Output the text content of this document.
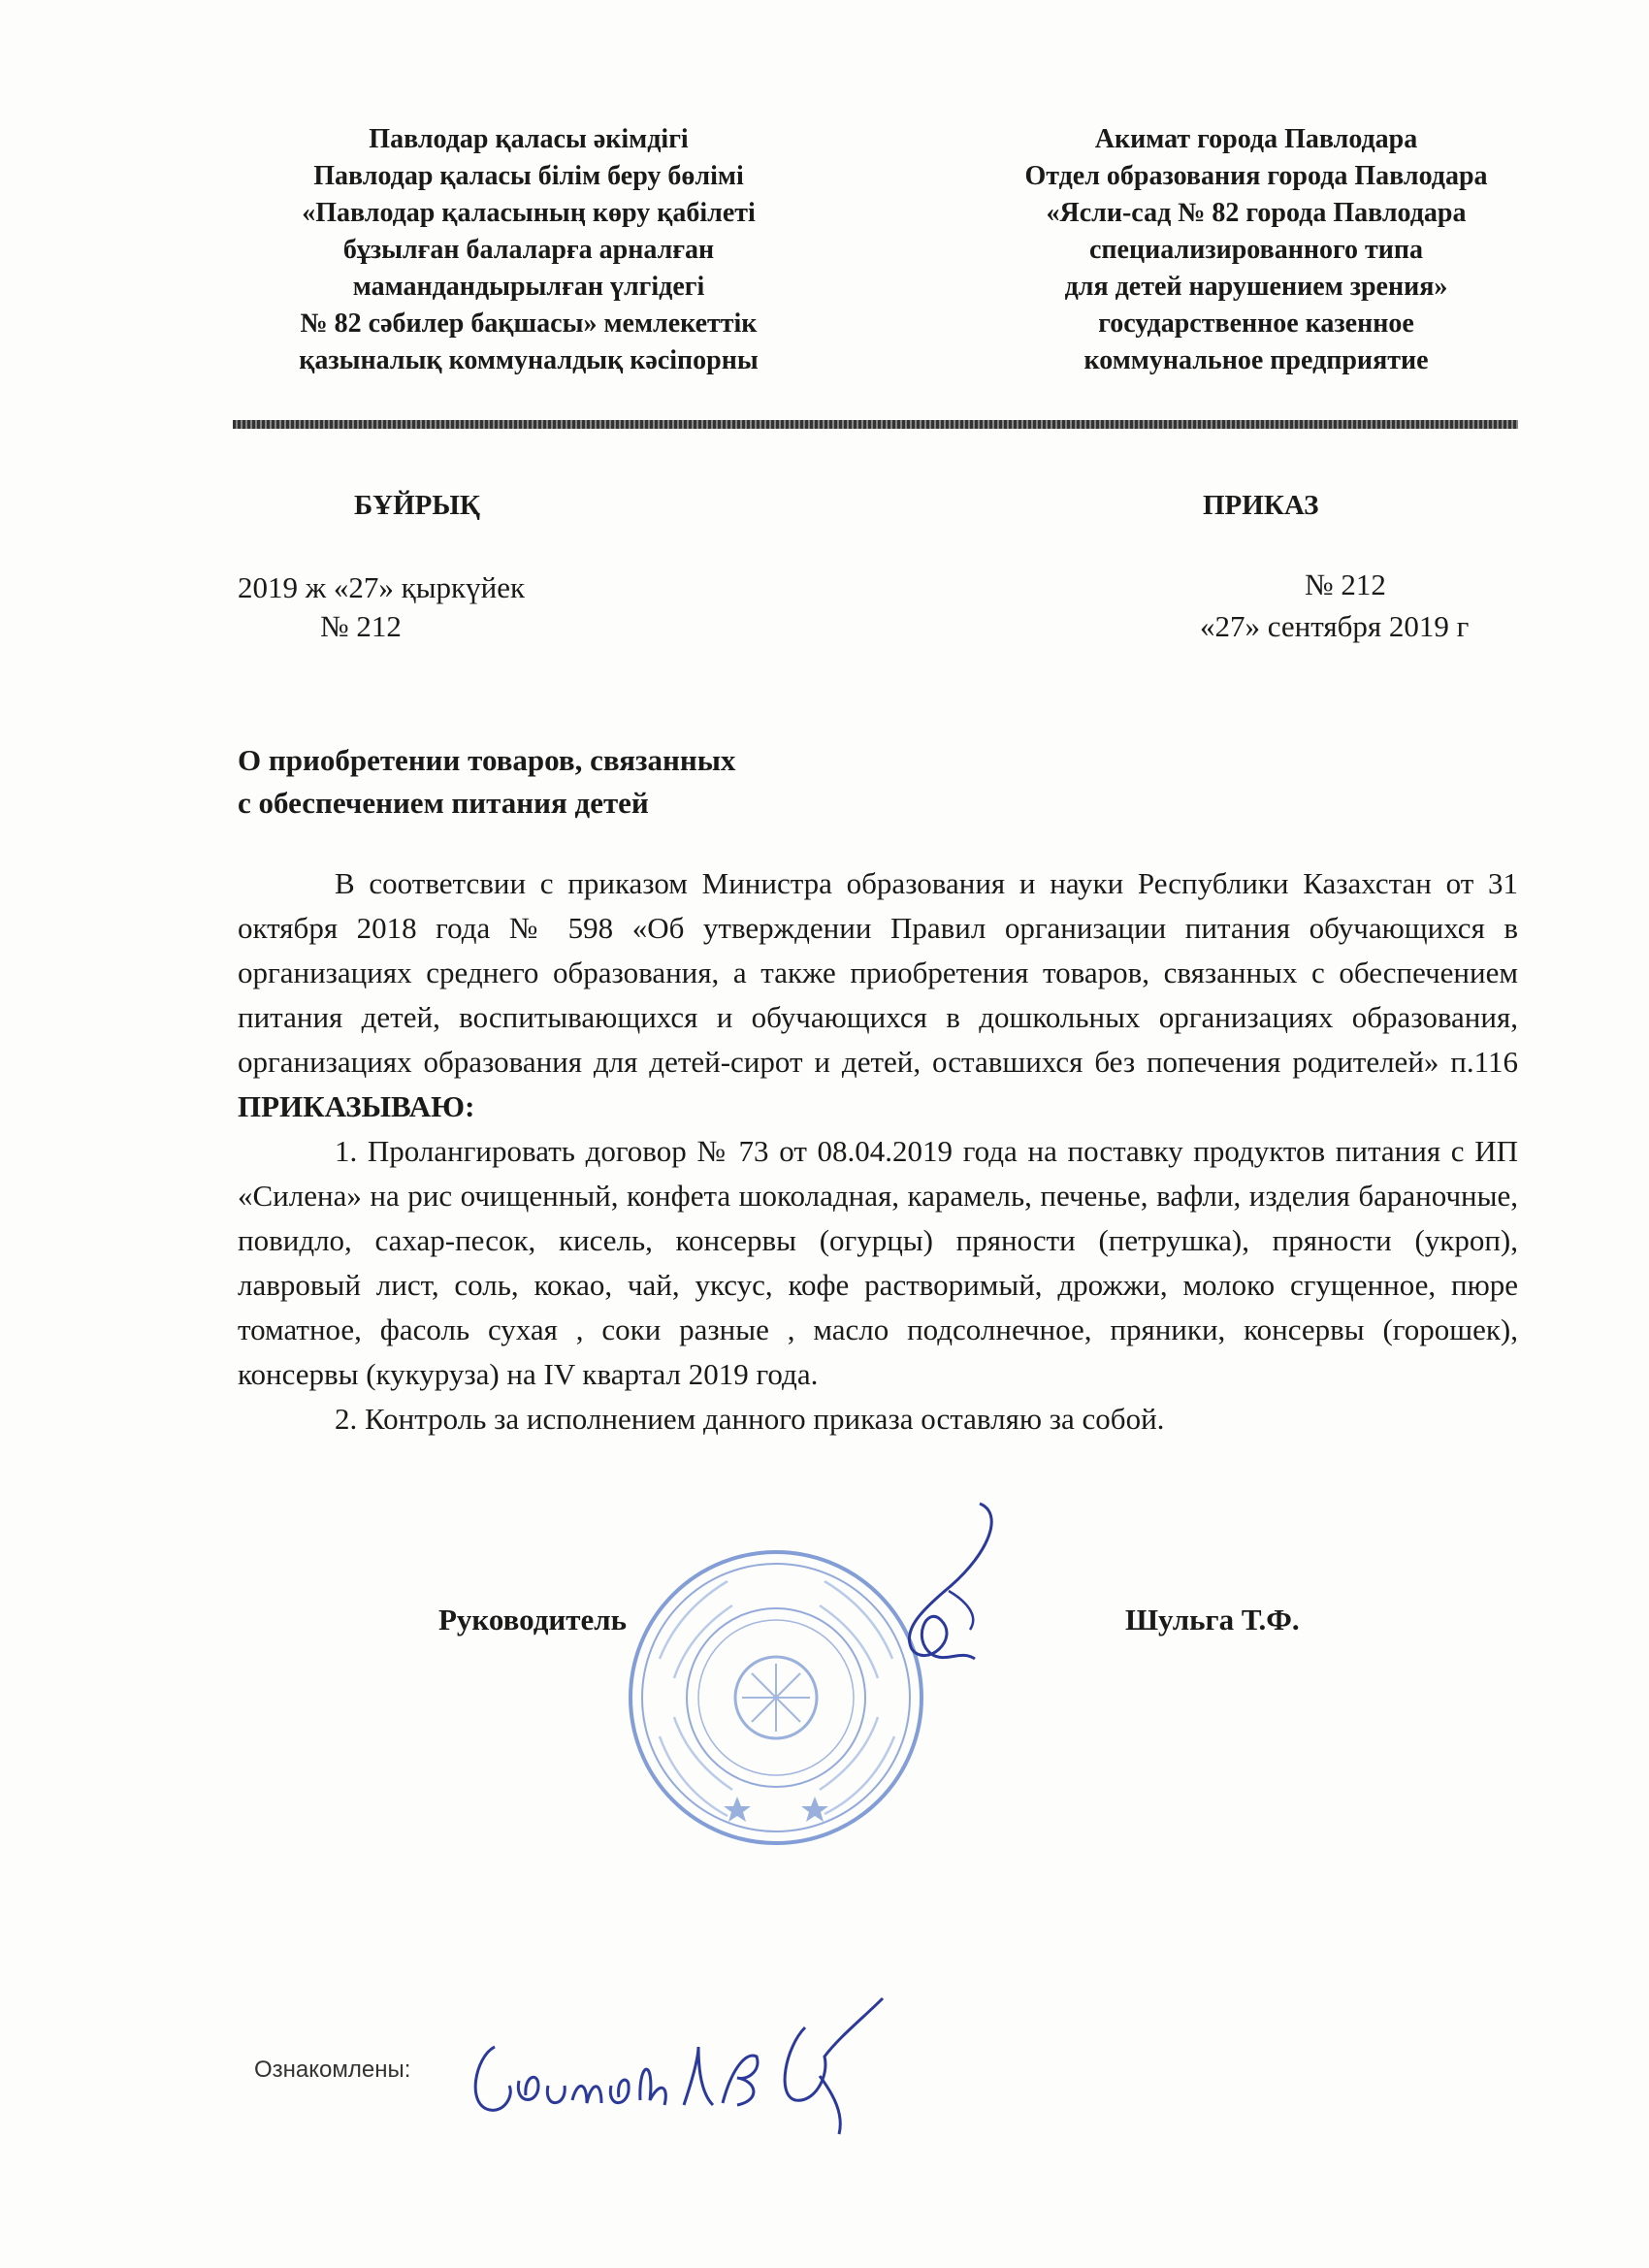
Павлодар қаласы әкімдігі
Павлодар қаласы білім беру бөлімі
«Павлодар қаласының көру қабілеті
бұзылған балаларға арналған
мамандандырылған үлгідегі
№ 82 сәбилер бақшасы» мемлекеттік
қазыналық коммуналдық кәсіпорны
Акимат города Павлодара
Отдел образования города Павлодара
«Ясли-сад № 82 города Павлодара
специализированного типа
для детей нарушением зрения»
государственное казенное
коммунальное предприятие
БҰЙРЫҚ	ПРИКАЗ
2019 ж «27» қыркүйек
№ 212
№ 212
«27» сентября 2019 г
О приобретении товаров, связанных
с обеспечением питания детей

В соответсвии с приказом Министра образования и науки Республики Казахстан от 31 октября 2018 года № 598 «Об утверждении Правил организации питания обучающихся в организациях среднего образования, а также приобретения товаров, связанных с обеспечением питания детей, воспитывающихся и обучающихся в дошкольных организациях образования, организациях образования для детей-сирот и детей, оставшихся без попечения родителей» п.116 ПРИКАЗЫВАЮ:

1. Пролангировать договор № 73 от 08.04.2019 года на поставку продуктов питания с ИП «Силена» на рис очищенный, конфета шоколадная, карамель, печенье, вафли, изделия бараночные, повидло, сахар-песок, кисель, консервы (огурцы) пряности (петрушка), пряности (укроп), лавровый лист, соль, кокао, чай, уксус, кофе растворимый, дрожжи, молоко сгущенное, пюре томатное, фасоль сухая , соки разные , масло подсолнечное, пряники, консервы (горошек), консервы (кукуруза) на IV квартал 2019 года.

2. Контроль за исполнением данного приказа оставляю за собой.

Руководитель	Шульга Т.Ф.
Ознакомлены:
